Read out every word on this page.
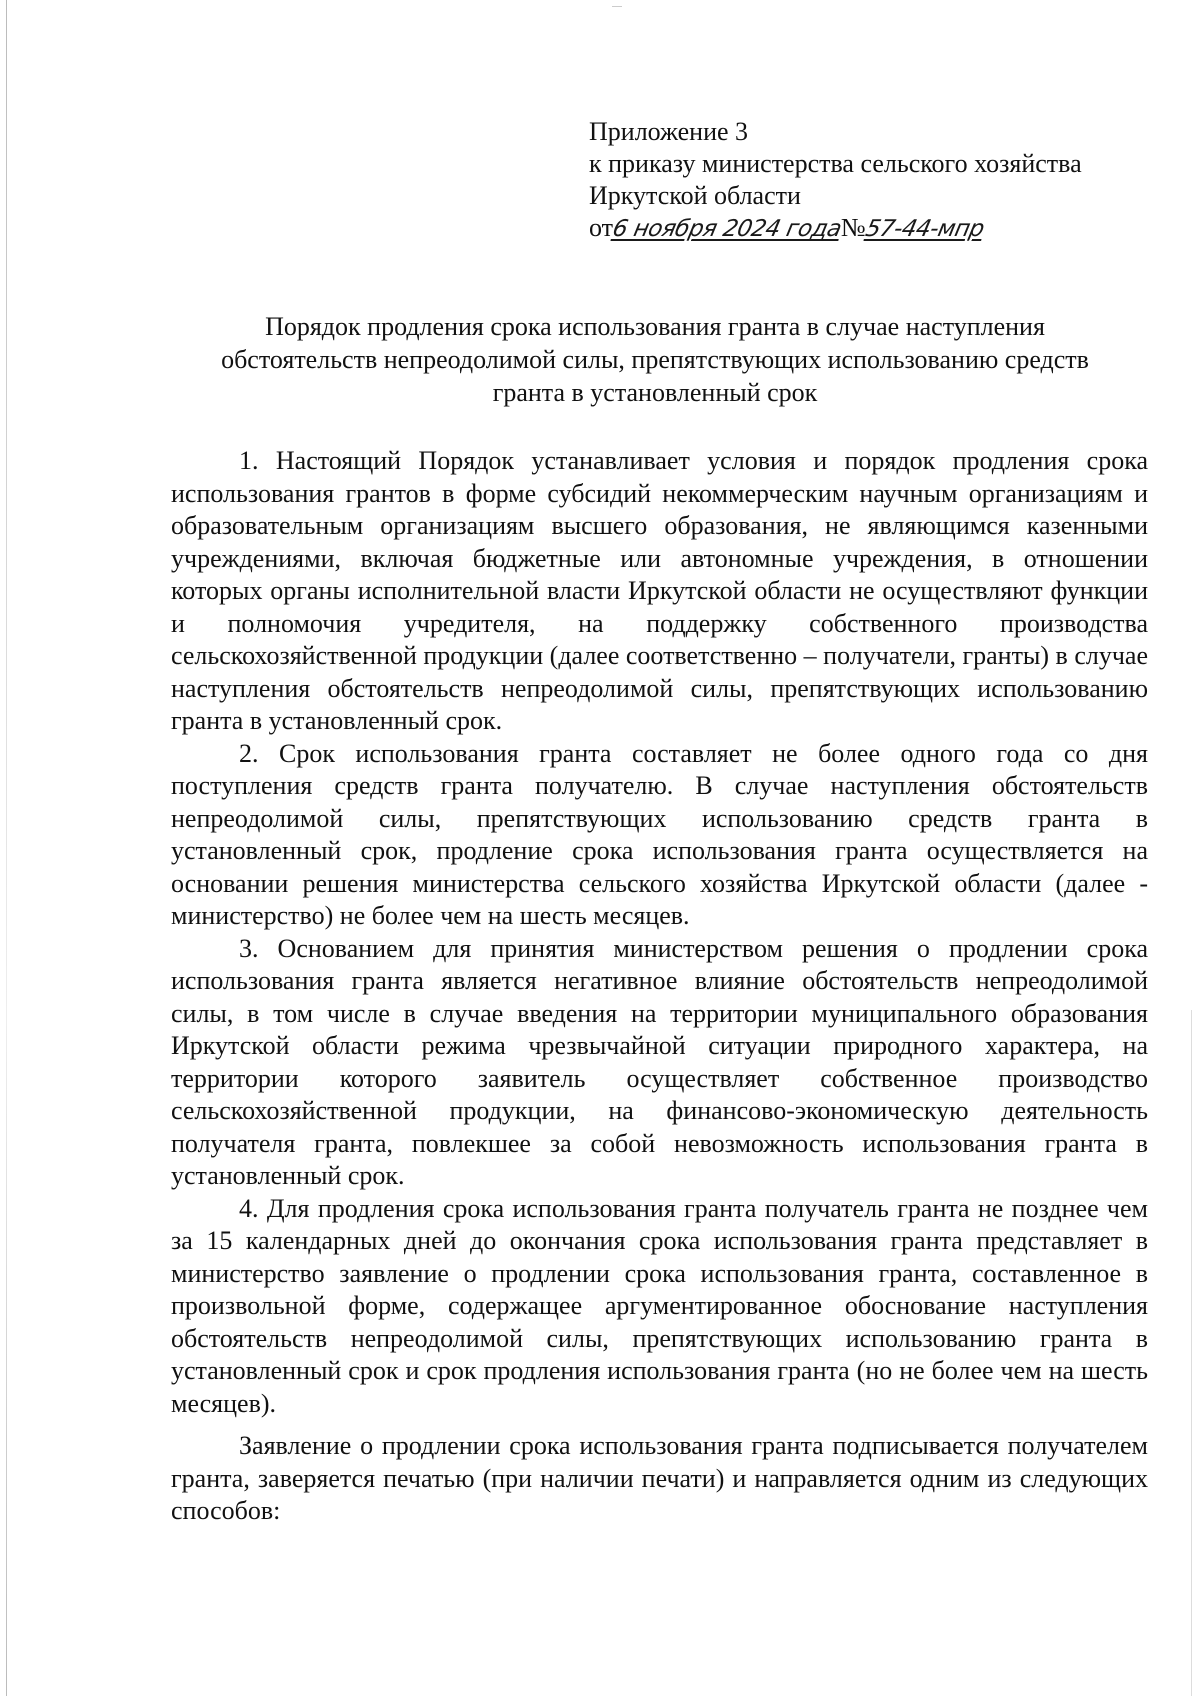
Приложение 3
к приказу министерства сельского хозяйства
Иркутской области
от
6 ноября 2024 года
№
57-44-мпр
Порядок продления срока использования гранта в случае наступления
обстоятельств непреодолимой силы, препятствующих использованию средств
гранта в установленный срок

1. Настоящий Порядок устанавливает условия и порядок продления срока использования грантов в форме субсидий некоммерческим научным организациям и образовательным организациям высшего образования, не являющимся казенными учреждениями, включая бюджетные или автономные учреждения, в отношении которых органы исполнительной власти Иркутской области не осуществляют функции и полномочия учредителя, на поддержку собственного производства сельскохозяйственной продукции (далее соответственно – получатели, гранты) в случае наступления обстоятельств непреодолимой силы, препятствующих использованию гранта в установленный срок.

2. Срок использования гранта составляет не более одного года со дня поступления средств гранта получателю. В случае наступления обстоятельств непреодолимой силы, препятствующих использованию средств гранта в установленный срок, продление срока использования гранта осуществляется на основании решения министерства сельского хозяйства Иркутской области (далее - министерство) не более чем на шесть месяцев.

3. Основанием для принятия министерством решения о продлении срока использования гранта является негативное влияние обстоятельств непреодолимой силы, в том числе в случае введения на территории муниципального образования Иркутской области режима чрезвычайной ситуации природного характера, на территории которого заявитель осуществляет собственное производство сельскохозяйственной продукции, на финансово-экономическую деятельность получателя гранта, повлекшее за собой невозможность использования гранта в установленный срок.

4. Для продления срока использования гранта получатель гранта не позднее чем за 15 календарных дней до окончания срока использования гранта представляет в министерство заявление о продлении срока использования гранта, составленное в произвольной форме, содержащее аргументированное обоснование наступления обстоятельств непреодолимой силы, препятствующих использованию гранта в установленный срок и срок продления использования гранта (но не более чем на шесть месяцев).

Заявление о продлении срока использования гранта подписывается получателем гранта, заверяется печатью (при наличии печати) и направляется одним из следующих способов:
